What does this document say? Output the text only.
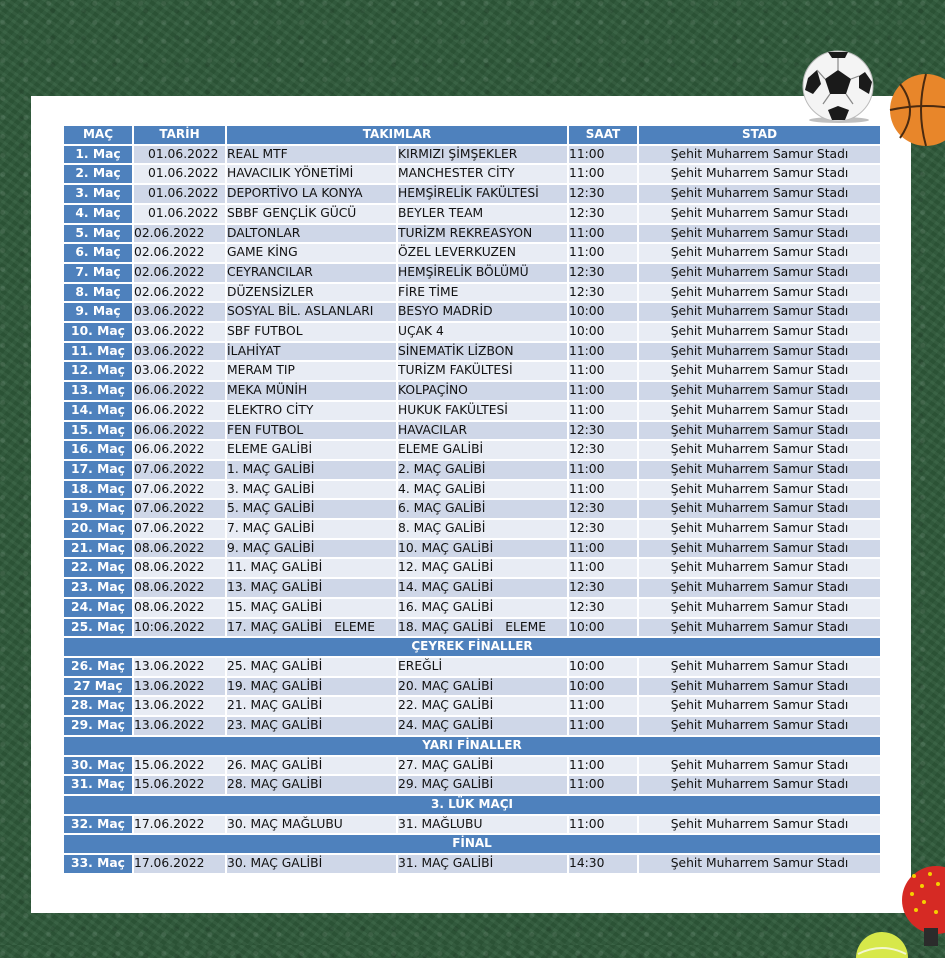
MAÇ	TARİH	TAKIMLAR		SAAT	STAD
1. Maç	01.06.2022	REAL MTF	KIRMIZI ŞİMŞEKLER	11:00	Şehit Muharrem Samur Stadı
2. Maç	01.06.2022	HAVACILIK YÖNETİMİ	MANCHESTER CİTY	11:00	Şehit Muharrem Samur Stadı
3. Maç	01.06.2022	DEPORTİVO LA KONYA	HEMŞİRELİK FAKÜLTESİ	12:30	Şehit Muharrem Samur Stadı
4. Maç	01.06.2022	SBBF GENÇLİK GÜCÜ	BEYLER TEAM	12:30	Şehit Muharrem Samur Stadı
5. Maç	02.06.2022	DALTONLAR	TURİZM REKREASYON	11:00	Şehit Muharrem Samur Stadı
6. Maç	02.06.2022	GAME KİNG	ÖZEL LEVERKUZEN	11:00	Şehit Muharrem Samur Stadı
7. Maç	02.06.2022	CEYRANCILAR	HEMŞİRELİK BÖLÜMÜ	12:30	Şehit Muharrem Samur Stadı
8. Maç	02.06.2022	DÜZENSİZLER	FİRE TİME	12:30	Şehit Muharrem Samur Stadı
9. Maç	03.06.2022	SOSYAL BİL. ASLANLARI	BESYO MADRİD	10:00	Şehit Muharrem Samur Stadı
10. Maç	03.06.2022	SBF FUTBOL	UÇAK 4	10:00	Şehit Muharrem Samur Stadı
11. Maç	03.06.2022	İLAHİYAT	SİNEMATİK LİZBON	11:00	Şehit Muharrem Samur Stadı
12. Maç	03.06.2022	MERAM TIP	TURİZM FAKÜLTESİ	11:00	Şehit Muharrem Samur Stadı
13. Maç	06.06.2022	MEKA MÜNİH	KOLPAÇİNO	11:00	Şehit Muharrem Samur Stadı
14. Maç	06.06.2022	ELEKTRO CİTY	HUKUK FAKÜLTESİ	11:00	Şehit Muharrem Samur Stadı
15. Maç	06.06.2022	FEN FUTBOL	HAVACILAR	12:30	Şehit Muharrem Samur Stadı
16. Maç	06.06.2022	ELEME GALİBİ	ELEME GALİBİ	12:30	Şehit Muharrem Samur Stadı
17. Maç	07.06.2022	1. MAÇ GALİBİ	2. MAÇ GALİBİ	11:00	Şehit Muharrem Samur Stadı
18. Maç	07.06.2022	3. MAÇ GALİBİ	4. MAÇ GALİBİ	11:00	Şehit Muharrem Samur Stadı
19. Maç	07.06.2022	5. MAÇ GALİBİ	6. MAÇ GALİBİ	12:30	Şehit Muharrem Samur Stadı
20. Maç	07.06.2022	7. MAÇ GALİBİ	8. MAÇ GALİBİ	12:30	Şehit Muharrem Samur Stadı
21. Maç	08.06.2022	9. MAÇ GALİBİ	10. MAÇ GALİBİ	11:00	Şehit Muharrem Samur Stadı
22. Maç	08.06.2022	11. MAÇ GALİBİ	12. MAÇ GALİBİ	11:00	Şehit Muharrem Samur Stadı
23. Maç	08.06.2022	13. MAÇ GALİBİ	14. MAÇ GALİBİ	12:30	Şehit Muharrem Samur Stadı
24. Maç	08.06.2022	15. MAÇ GALİBİ	16. MAÇ GALİBİ	12:30	Şehit Muharrem Samur Stadı
25. Maç	10:06.2022	17. MAÇ GALİBİ ELEME	18. MAÇ GALİBİ ELEME	10:00	Şehit Muharrem Samur Stadı
ÇEYREK FİNALLER					
26. Maç	13.06.2022	25. MAÇ GALİBİ	EREĞLİ	10:00	Şehit Muharrem Samur Stadı
27 Maç	13.06.2022	19. MAÇ GALİBİ	20. MAÇ GALİBİ	10:00	Şehit Muharrem Samur Stadı
28. Maç	13.06.2022	21. MAÇ GALİBİ	22. MAÇ GALİBİ	11:00	Şehit Muharrem Samur Stadı
29. Maç	13.06.2022	23. MAÇ GALİBİ	24. MAÇ GALİBİ	11:00	Şehit Muharrem Samur Stadı
YARI FİNALLER					
30. Maç	15.06.2022	26. MAÇ GALİBİ	27. MAÇ GALİBİ	11:00	Şehit Muharrem Samur Stadı
31. Maç	15.06.2022	28. MAÇ GALİBİ	29. MAÇ GALİBİ	11:00	Şehit Muharrem Samur Stadı
3. LÜK MAÇI					
32. Maç	17.06.2022	30. MAÇ MAĞLUBU	31. MAĞLUBU	11:00	Şehit Muharrem Samur Stadı
FİNAL					
33. Maç	17.06.2022	30. MAÇ GALİBİ	31. MAÇ GALİBİ	14:30	Şehit Muharrem Samur Stadı
